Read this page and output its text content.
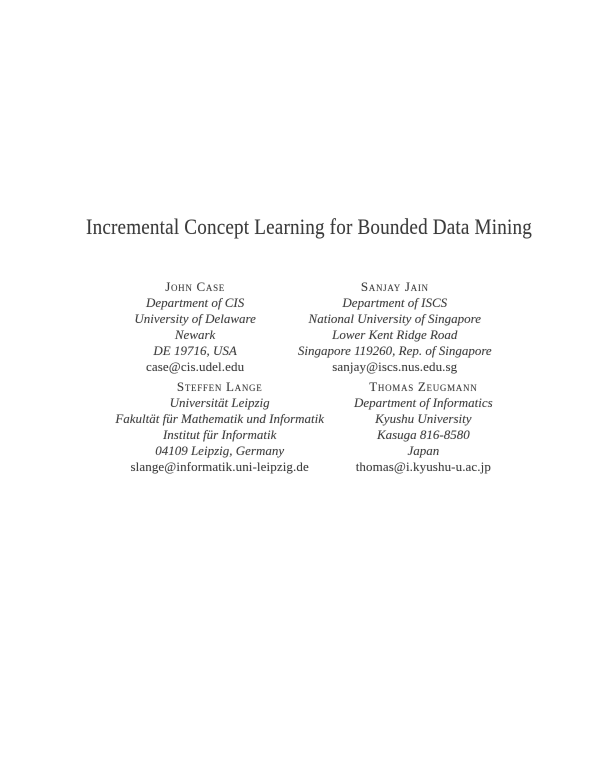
Incremental Concept Learning for Bounded Data Mining
John Case
Department of CIS
University of Delaware
Newark
DE 19716, USA
case@cis.udel.edu
Sanjay Jain
Department of ISCS
National University of Singapore
Lower Kent Ridge Road
Singapore 119260, Rep. of Singapore
sanjay@iscs.nus.edu.sg
Steffen Lange
Universität Leipzig
Fakultät für Mathematik und Informatik
Institut für Informatik
04109 Leipzig, Germany
slange@informatik.uni-leipzig.de
Thomas Zeugmann
Department of Informatics
Kyushu University
Kasuga 816-8580
Japan
thomas@i.kyushu-u.ac.jp
